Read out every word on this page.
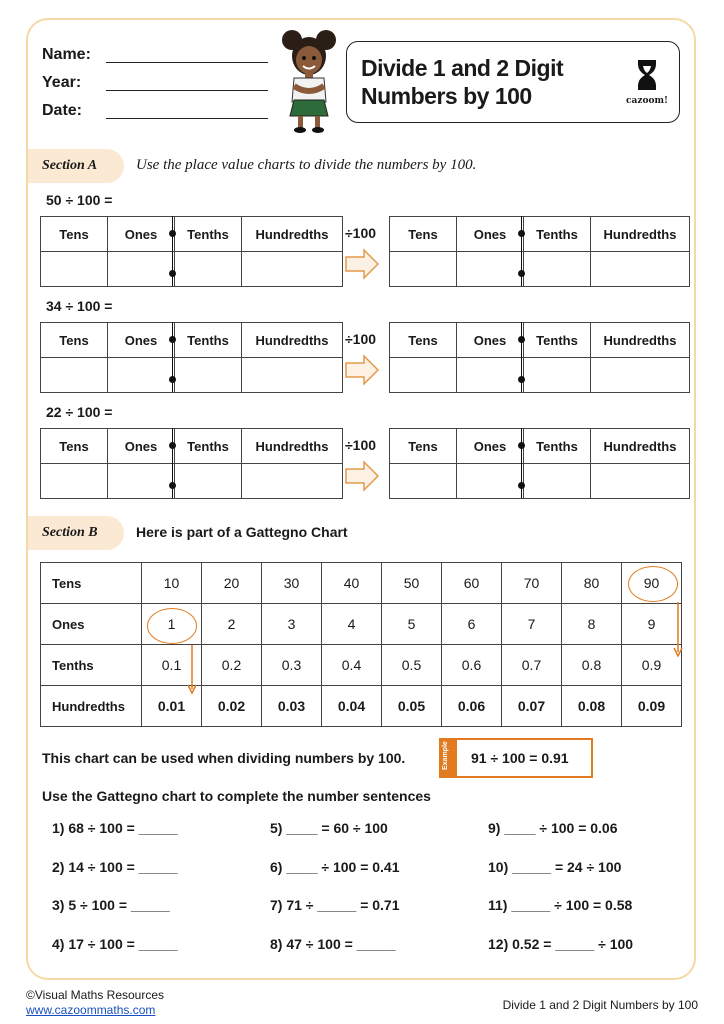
Name:
Year:
Date:
Divide 1 and 2 Digit Numbers by 100	cazoom!
Section A	Use the place value charts to divide the numbers by 100.
50 ÷ 100 =
Tens	Ones	Tenths	Hundredths
				Tens	Ones	Tenths	Hundredths

÷100
34 ÷ 100 =
Tens	Ones	Tenths	Hundredths
				Tens	Ones	Tenths	Hundredths

÷100
22 ÷ 100 =
Tens	Ones	Tenths	Hundredths
				Tens	Ones	Tenths	Hundredths

÷100
Section B	Here is part of a Gattegno Chart
Tens	10	20	30	40	50	60	70	80	90
Ones	1	2	3	4	5	6	7	8	9
Tenths	0.1	0.2	0.3	0.4	0.5	0.6	0.7	0.8	0.9
Hundredths	0.01	0.02	0.03	0.04	0.05	0.06	0.07	0.08	0.09
This chart can be used when dividing numbers by 100.	Example 91 ÷ 100 = 0.91
Use the Gattegno chart to complete the number sentences
1) 68 ÷ 100 = _____
2) 14 ÷ 100 = _____
3) 5 ÷ 100 = _____
4) 17 ÷ 100 = _____
5) ____ = 60 ÷ 100
6) ____ ÷ 100 = 0.41
7) 71 ÷ _____ = 0.71
8) 47 ÷ 100 = _____
9) ____ ÷ 100 = 0.06
10) _____ = 24 ÷ 100
11) _____ ÷ 100 = 0.58
12) 0.52 = _____ ÷ 100
©Visual Maths Resources
www.cazoommaths.com	Divide 1 and 2 Digit Numbers by 100
